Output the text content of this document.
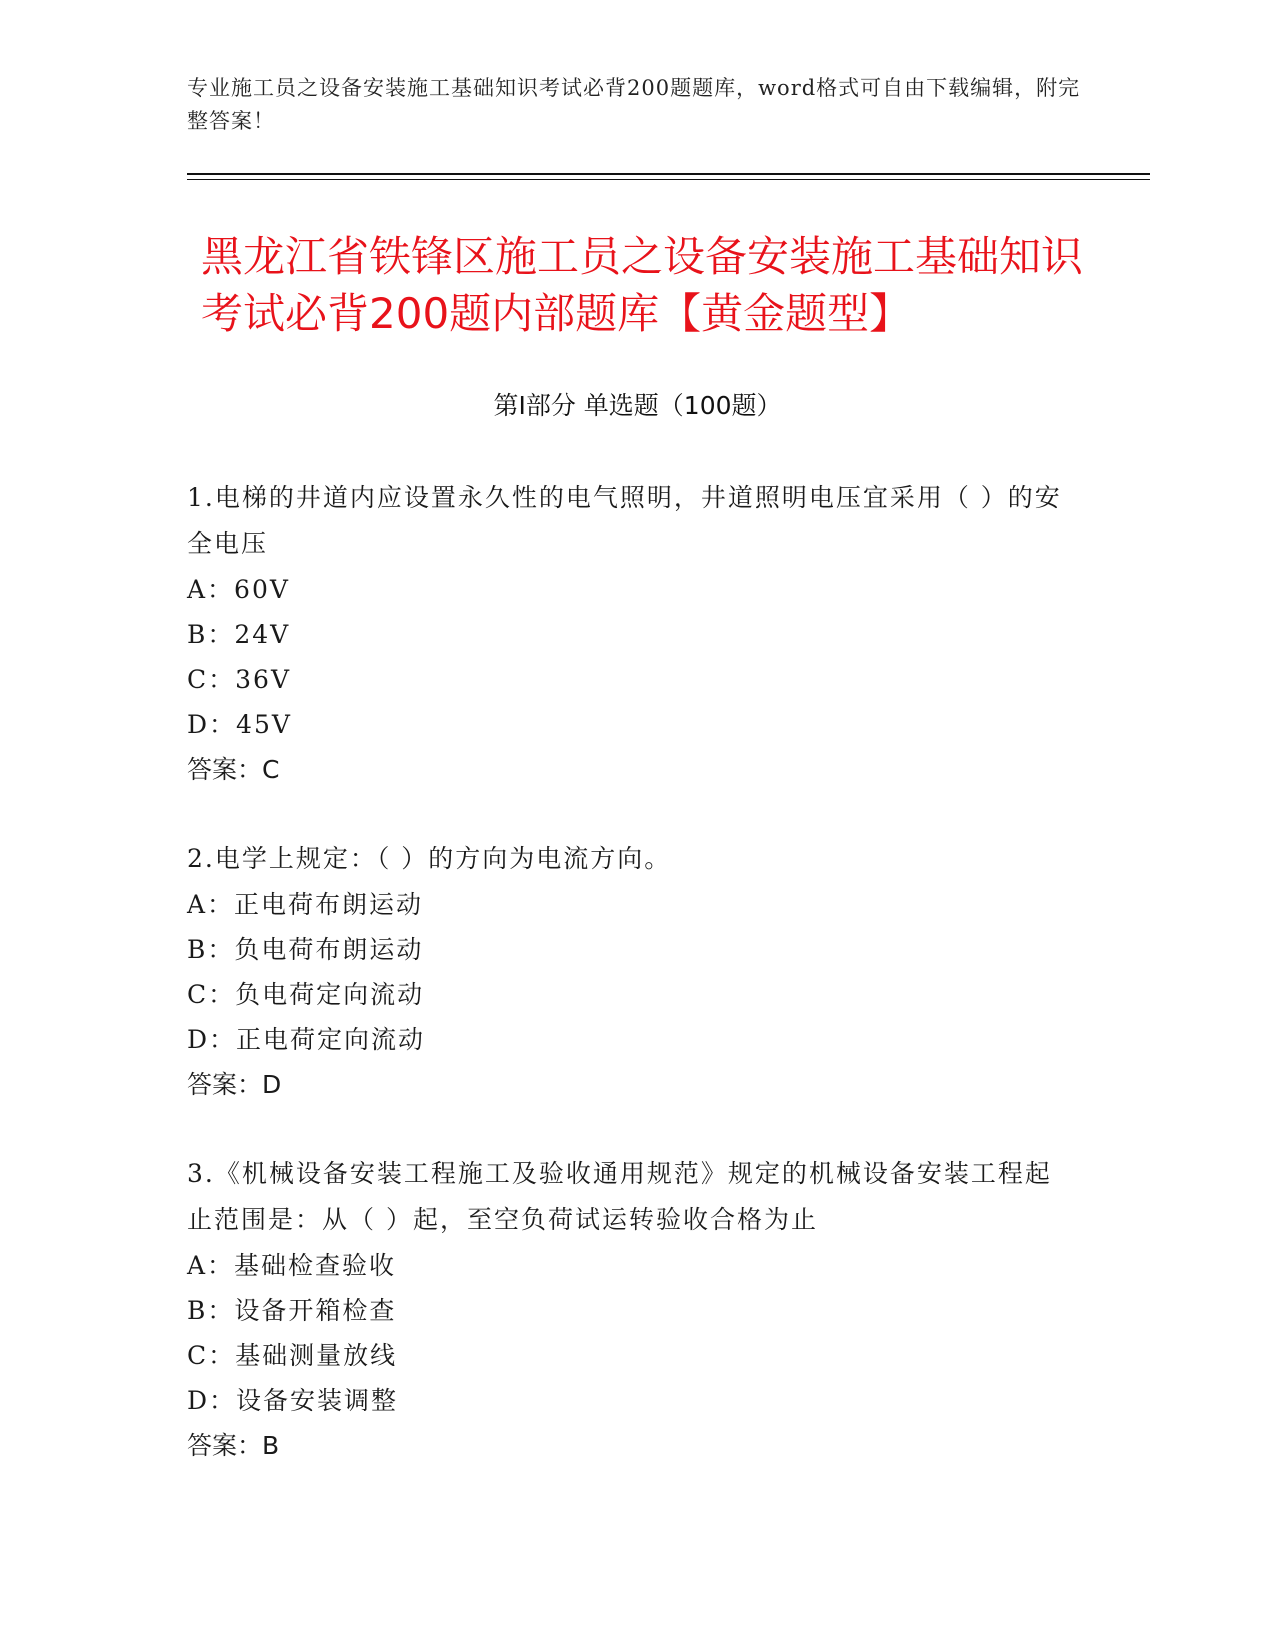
专业施工员之设备安装施工基础知识考试必背200题题库，word格式可自由下载编辑，附完整答案！
黑龙江省铁锋区施工员之设备安装施工基础知识考试必背200题内部题库【黄金题型】
第I部分 单选题（100题）
1.电梯的井道内应设置永久性的电气照明，井道照明电压宜采用（ ）的安全电压
A：60V
B：24V
C：36V
D：45V
答案：C
2.电学上规定：（ ）的方向为电流方向。
A：正电荷布朗运动
B：负电荷布朗运动
C：负电荷定向流动
D：正电荷定向流动
答案：D
3.《机械设备安装工程施工及验收通用规范》规定的机械设备安装工程起止范围是：从（ ）起，至空负荷试运转验收合格为止
A：基础检查验收
B：设备开箱检查
C：基础测量放线
D：设备安装调整
答案：B
